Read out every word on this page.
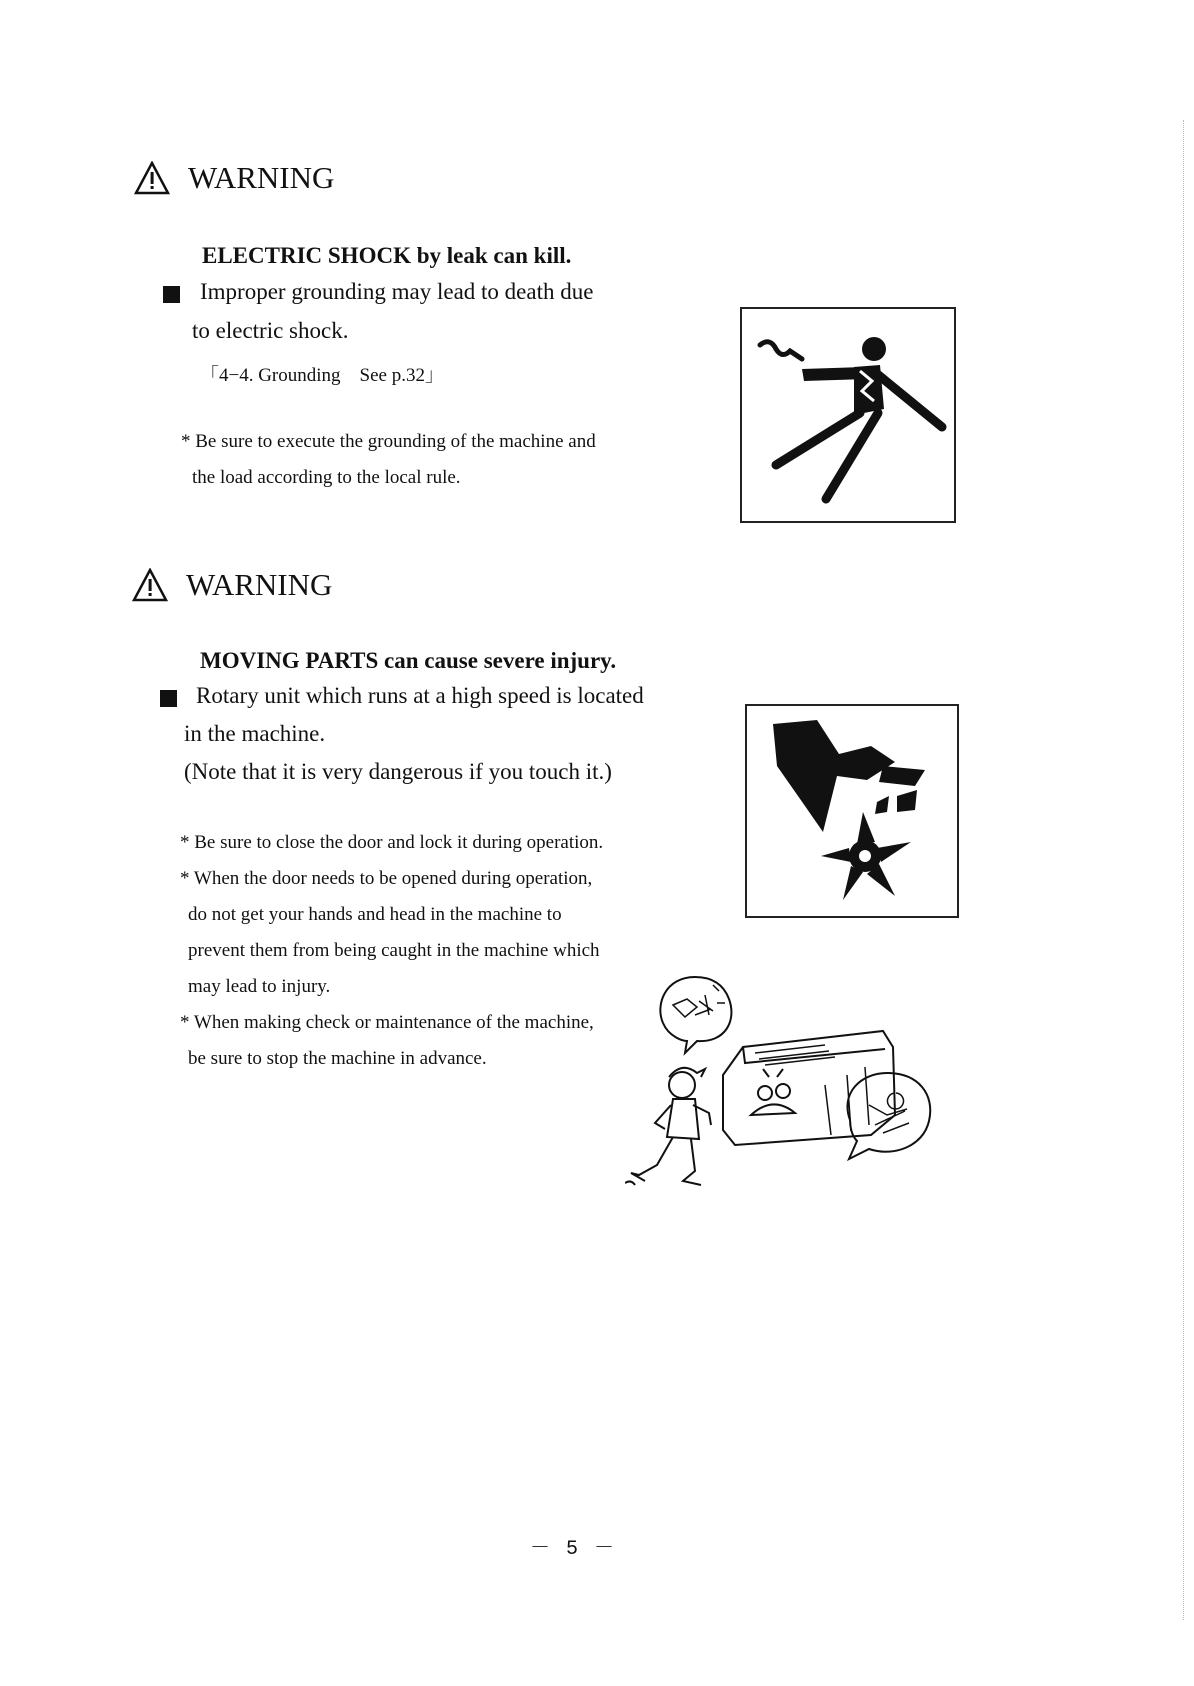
WARNING
ELECTRIC SHOCK by leak can kill.
Improper grounding may lead to death due
to electric shock.
「4−4. Grounding　See p.32」
* Be sure to execute the grounding of the machine and
the load according to the local rule.
WARNING
MOVING PARTS can cause severe injury.
Rotary unit which runs at a high speed is located
in the machine.
(Note that it is very dangerous if you touch it.)
* Be sure to close the door and lock it during operation.
* When the door needs to be opened during operation,
do not get your hands and head in the machine to
prevent them from being caught in the machine which
may lead to injury.
* When making check or maintenance of the machine,
be sure to stop the machine in advance.
－ 5 －
